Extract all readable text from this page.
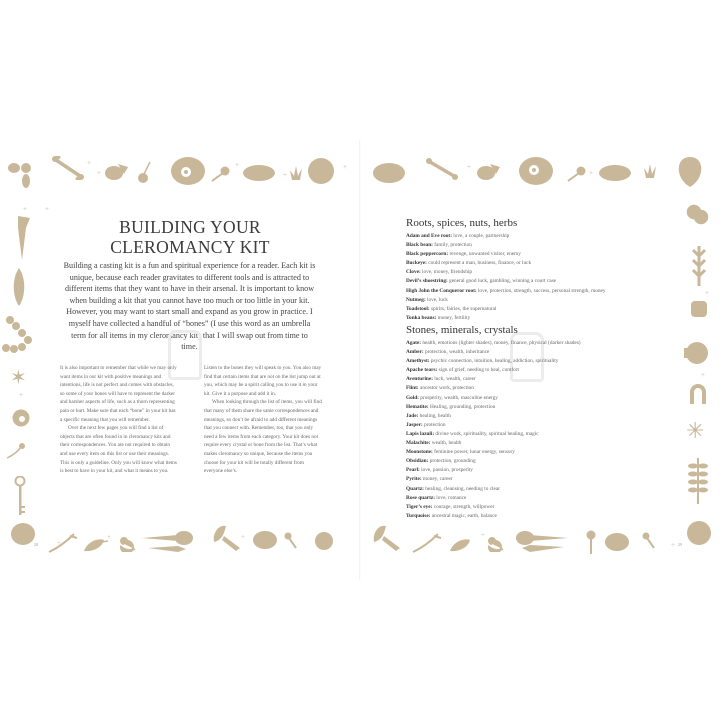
BUILDING YOUR
CLEROMANCY KIT
Building a casting kit is a fun and spiritual experience for a reader. Each kit is unique, because each reader gravitates to different tools and is attracted to different items that they want to have in their arsenal. It is important to know when building a kit that you cannot have too much or too little in your kit. However, you may want to start small and expand as you grow in practice. I myself have collected a handful of “bones” (I use this word as an umbrella term for all items in my cleromancy kit) that I will swap out from time to time.

It is also important to remember that while we may only want items in our kit with positive meanings and intentions, life is not perfect and comes with obstacles, so some of your bones will have to represent the darker and harsher aspects of life, such as a thorn representing pain or hurt. Make sure that each “bone” in your kit has a specific meaning that you will remember.

Over the next few pages you will find a list of objects that are often found in in cleromancy kits and their correspondences. You are not required to obtain and use every item on this list or use their meanings. This is only a guideline. Only you will know what items is best to have in your kit, and what it means to you.

Listen to the bones they will speak to you. You also may find that certain items that are not on the list jump out at you, which may be a spirit calling you to use it in your kit. Give it a purpose and add it in.

When looking through the list of items, you will find that many of them share the same correspondences and meanings, so don’t be afraid to add different meanings that you connect with. Remember, too, that you only need a few items from each category. Your kit does not require every crystal or bone from the list. That’s what makes cleromancy so unique, because the items you choose for your kit will be totally different from everyone else’s.

28	29
Roots, spices, nuts, herbs
Adam and Eve root: love, a couple, partnership
Black bean: family, protection
Black peppercorn: revenge, unwanted visitor, enemy
Buckeye: could represent a man, business, finance, or luck
Clove: love, money, friendship
Devil’s shoestring: general good luck, gambling, winning a court case
High John the Conqueror root: love, protection, strength, success, personal strength, money
Nutmeg: love, luck
Toadstool: spirits, fairies, the supernatural
Tonka beans: money, fertility
Stones, minerals, crystals
Agate: health, emotions (lighter shades), money, finance, physical (darker shades)
Amber: protection, wealth, inheritance
Amethyst: psychic connection, intuition, healing, addiction, spirituality
Apache tears: sign of grief, needing to heal, comfort
Aventurine: luck, wealth, career
Flint: ancestor work, protection
Gold: prosperity, wealth, masculine energy
Hematite: Healing, grounding, protection
Jade: healing, health
Jasper: protection
Lapis lazuli: divine work, spirituality, spiritual healing, magic
Malachite: wealth, health
Moonstone: feminine power, lunar energy, sensory
Obsidian: protection, grounding
Pearl: love, passion, prosperity
Pyrite: money, career
Quartz: healing, cleansing, needing to clear
Rose quartz: love, romance
Tiger’s eye: courage, strength, willpower
Turquoise: ancestral magic, earth, balance
✶
✳
+
+
+
+
+	+
+
+	+
+
+
+
+
+	+	+
+
